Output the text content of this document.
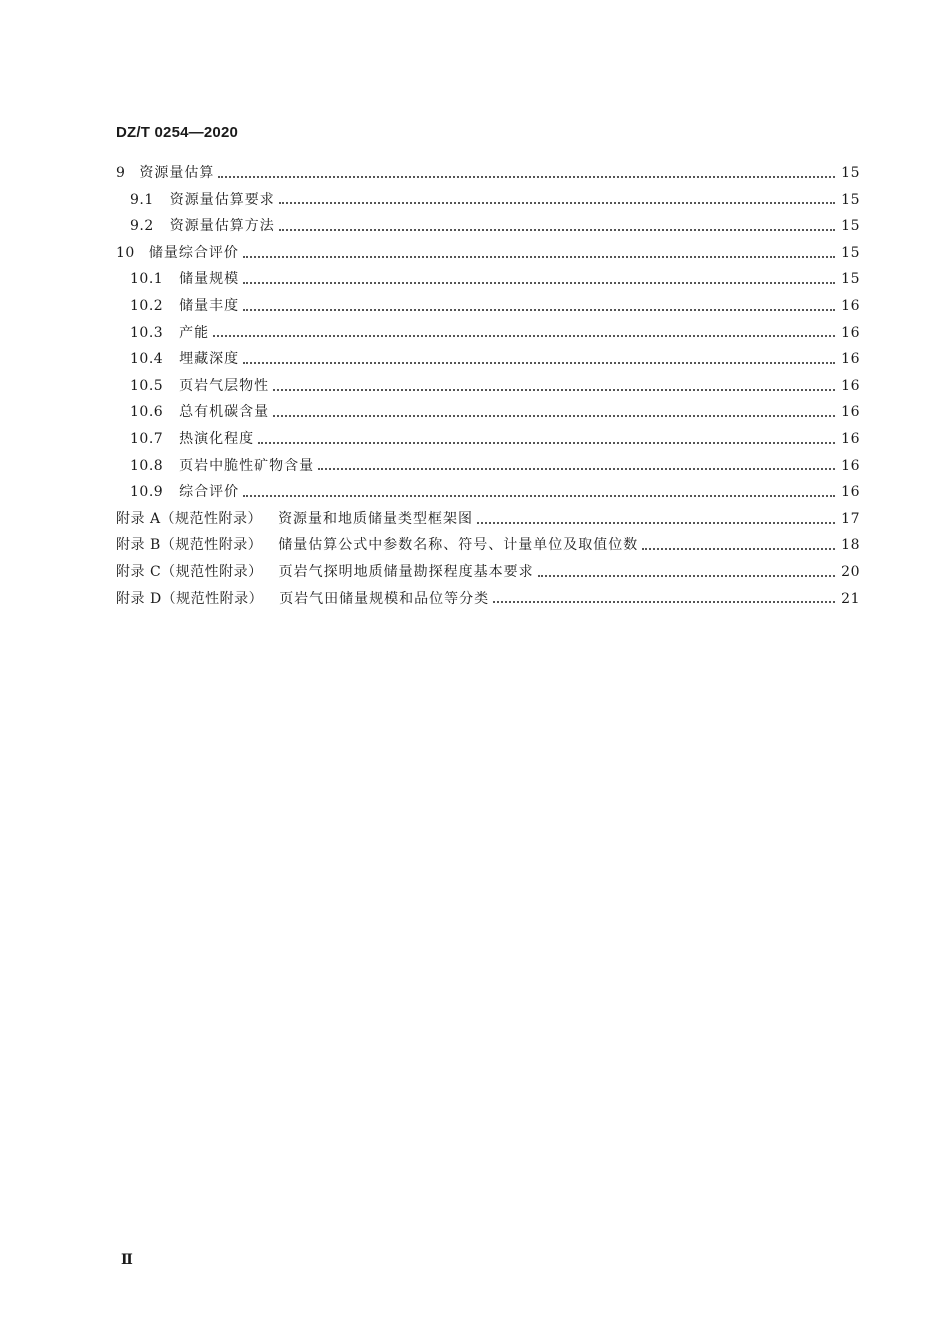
DZ/T 0254—2020
9 资源量估算	15
9.1 资源量估算要求	15
9.2 资源量估算方法	15
10 储量综合评价	15
10.1 储量规模	15
10.2 储量丰度	16
10.3 产能	16
10.4 埋藏深度	16
10.5 页岩气层物性	16
10.6 总有机碳含量	16
10.7 热演化程度	16
10.8 页岩中脆性矿物含量	16
10.9 综合评价	16
附录 A（规范性附录） 资源量和地质储量类型框架图	17
附录 B（规范性附录） 储量估算公式中参数名称、符号、计量单位及取值位数	18
附录 C（规范性附录） 页岩气探明地质储量勘探程度基本要求	20
附录 D（规范性附录） 页岩气田储量规模和品位等分类	21
Ⅱ
